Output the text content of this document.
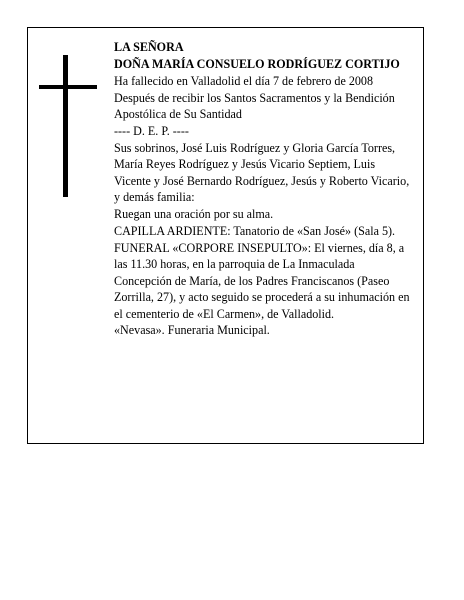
LA SEÑORA

DOÑA MARÍA CONSUELO RODRÍGUEZ CORTIJO

Ha fallecido en Valladolid el día 7 de febrero de 2008

Después de recibir los Santos Sacramentos y la Bendición Apostólica de Su Santidad

---- D. E. P. ----

Sus sobrinos, José Luis Rodríguez y Gloria García Torres, María Reyes Rodríguez y Jesús Vicario Septiem, Luis Vicente y José Bernardo Rodríguez, Jesús y Roberto Vicario, y demás familia:

Ruegan una oración por su alma.

CAPILLA ARDIENTE: Tanatorio de «San José» (Sala 5).

FUNERAL «CORPORE INSEPULTO»: El viernes, día 8, a las 11.30 horas, en la parroquia de La Inmaculada Concepción de María, de los Padres Franciscanos (Paseo Zorrilla, 27), y acto seguido se procederá a su inhumación en el cementerio de «El Carmen», de Valladolid.

«Nevasa». Funeraria Municipal.
